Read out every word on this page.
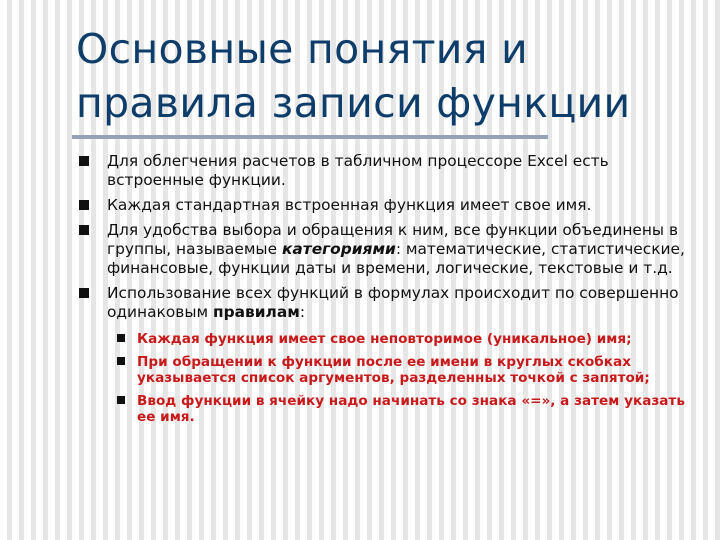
Основные понятия и
правила записи функции
Для облегчения расчетов в табличном процессоре Excel есть встроенные функции.
Каждая стандартная встроенная функция имеет свое имя.
Для удобства выбора и обращения к ним, все функции объединены в группы, называемые категориями: математические, статистические, финансовые, функции даты и времени, логические, текстовые и т.д.
Использование всех функций в формулах происходит по совершенно одинаковым правилам:
Каждая функция имеет свое неповторимое (уникальное) имя;
При обращении к функции после ее имени в круглых скобках указывается список аргументов, разделенных точкой с запятой;
Ввод функции в ячейку надо начинать со знака «=», а затем указать ее имя.
